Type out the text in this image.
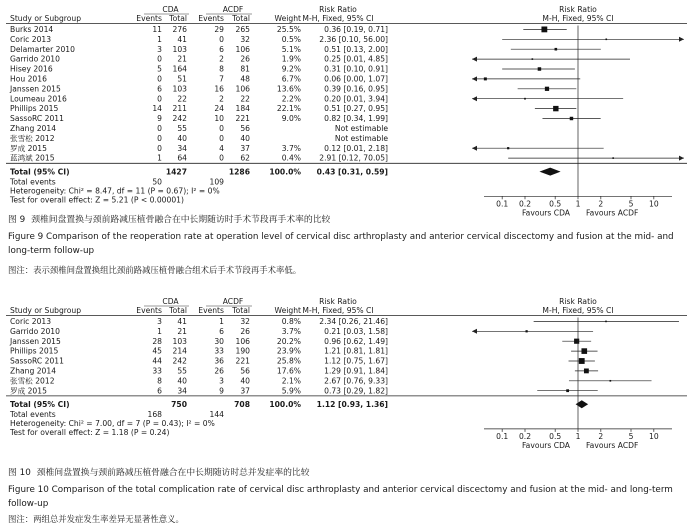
CDA	ACDF	Risk Ratio	Risk Ratio
Study or Subgroup	Events Total Events Total	Weight M-H, Fixed, 95% CI	M-H, Fixed, 95% CI
Burks 2014	11 276	29 265	25.5%	0.36 [0.19, 0.71]
Coric 2013	1 41	0 32	0.5% 2.36 [0.10, 56.00]
Delamarter 2010	3 103	6 106	5.1%	0.51 [0.13, 2.00]
Garrido 2010	0 21	2 26	1.9%	0.25 [0.01, 4.85]
Hisey 2016	5 164	8 81	9.2%	0.31 [0.10, 0.91]
Hou 2016	0 51	7 48	6.7%	0.06 [0.00, 1.07]
Janssen 2015	6 103	16 106	13.6%	0.39 [0.16, 0.95]
Loumeau 2016	0 22	2 22	2.2%	0.20 [0.01, 3.94]
Phillips 2015	14 211	24 184	22.1%	0.51 [0.27, 0.95]
SassoRC 2011	9 242	10 221	9.0%	0.82 [0.34, 1.99]
Zhang 2014	0 55	0 56	Not estimable
张雪松 2012	0 40	0 40	Not estimable
罗成 2015	0 34	4 37	3.7%	0.12 [0.01, 2.18]
蓝鸿斌 2015	1 64	0 62	0.4% 2.91 [0.12, 70.05]
Total (95% CI)	1427	1286	100.0% 0.43 [0.31, 0.59]
Total events	50	109
Heterogeneity: Chi² = 8.47, df = 11 (P = 0.67); I² = 0%
Test for overall effect: Z = 5.21 (P < 0.00001)	0.1 0.2 0.5 1 2	5 10
Favours CDA Favours ACDF
图 9 颈椎间盘置换与颈前路减压植骨融合在中长期随访时手术节段再手术率的比较
Figure 9 Comparison of the reoperation rate at operation level of cervical disc arthroplasty and anterior cervical discectomy and fusion at the mid- and long-term follow-up
图注：表示颈椎间盘置换组比颈前路减压植骨融合组术后手术节段再手术率低。
CDA	ACDF	Risk Ratio	Risk Ratio
Study or Subgroup	Events Total Events Total	Weight M-H, Fixed, 95% CI	M-H, Fixed, 95% CI
Coric 2013	3 41	1 32	0.8% 2.34 [0.26, 21.46]
Garrido 2010	1 21	6 26	3.7%	0.21 [0.03, 1.58]
Janssen 2015	28 103	30 106	20.2%	0.96 [0.62, 1.49]
Phillips 2015	45 214	33 190	23.9%	1.21 [0.81, 1.81]
SassoRC 2011	44 242	36 221	25.8%	1.12 [0.75, 1.67]
Zhang 2014	33 55	26 56	17.6%	1.29 [0.91, 1.84]
张雪松 2012	8 40	3 40	2.1%	2.67 [0.76, 9.33]
罗成 2015	6 34	9 37	5.9%	0.73 [0.29, 1.82]
Total (95% CI)	750	708	100.0% 1.12 [0.93, 1.36]
Total events	168	144
Heterogeneity: Chi² = 7.00, df = 7 (P = 0.43); I² = 0%
Test for overall effect: Z = 1.18 (P = 0.24)	0.1 0.2 0.5 1 2	5 10
Favours CDA Favours ACDF
图 10 颈椎间盘置换与颈前路减压植骨融合在中长期随访时总并发症率的比较
Figure 10 Comparison of the total complication rate of cervical disc arthroplasty and anterior cervical discectomy and fusion at the mid- and long-term follow-up
图注：两组总并发症发生率差异无显著性意义。
